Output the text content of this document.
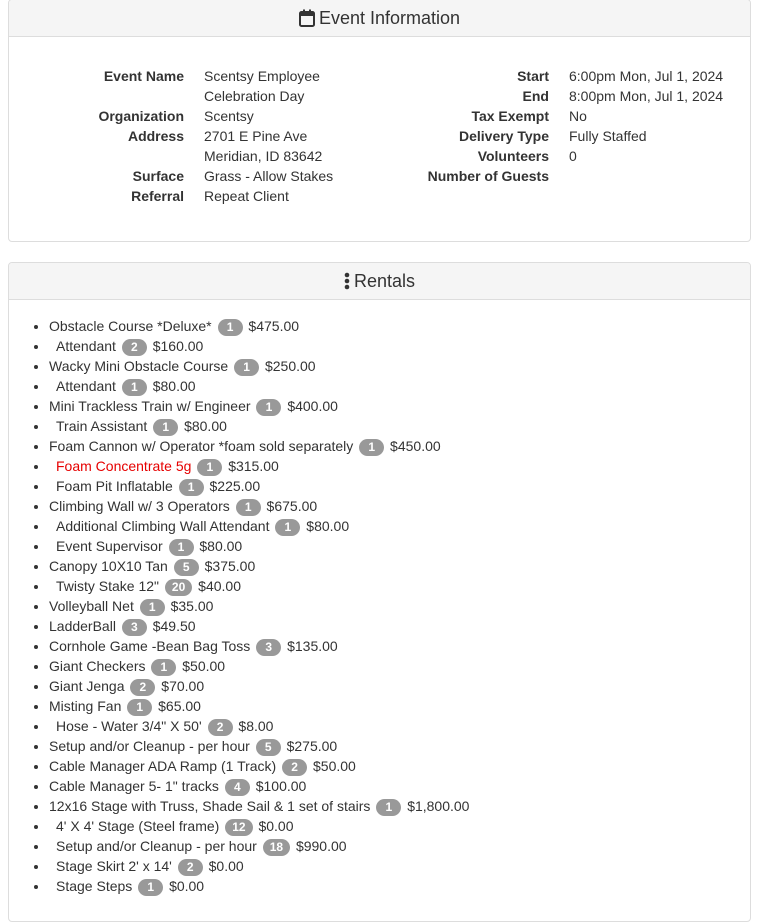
Event Information
Event Name Scentsy Employee
Celebration Day
Organization Scentsy
Address 2701 E Pine Ave
Meridian, ID 83642
Surface Grass - Allow Stakes
Referral Repeat Client
Start 6:00pm Mon, Jul 1, 2024
End 8:00pm Mon, Jul 1, 2024
Tax Exempt No
Delivery Type Fully Staffed
Volunteers 0
Number of Guests
Rentals
• Obstacle Course *Deluxe* 1 $475.00
• Attendant 2 $160.00
• Wacky Mini Obstacle Course 1 $250.00
• Attendant 1 $80.00
• Mini Trackless Train w/ Engineer 1 $400.00
• Train Assistant 1 $80.00
• Foam Cannon w/ Operator *foam sold separately 1 $450.00
• Foam Concentrate 5g 1 $315.00
• Foam Pit Inflatable 1 $225.00
• Climbing Wall w/ 3 Operators 1 $675.00
• Additional Climbing Wall Attendant 1 $80.00
• Event Supervisor 1 $80.00
• Canopy 10X10 Tan 5 $375.00
• Twisty Stake 12" 20 $40.00
• Volleyball Net 1 $35.00
• LadderBall 3 $49.50
• Cornhole Game -Bean Bag Toss 3 $135.00
• Giant Checkers 1 $50.00
• Giant Jenga 2 $70.00
• Misting Fan 1 $65.00
• Hose - Water 3/4" X 50' 2 $8.00
• Setup and/or Cleanup - per hour 5 $275.00
• Cable Manager ADA Ramp (1 Track) 2 $50.00
• Cable Manager 5- 1" tracks 4 $100.00
• 12x16 Stage with Truss, Shade Sail & 1 set of stairs 1 $1,800.00
• 4' X 4' Stage (Steel frame) 12 $0.00
• Setup and/or Cleanup - per hour 18 $990.00
• Stage Skirt 2' x 14' 2 $0.00
• Stage Steps 1 $0.00
